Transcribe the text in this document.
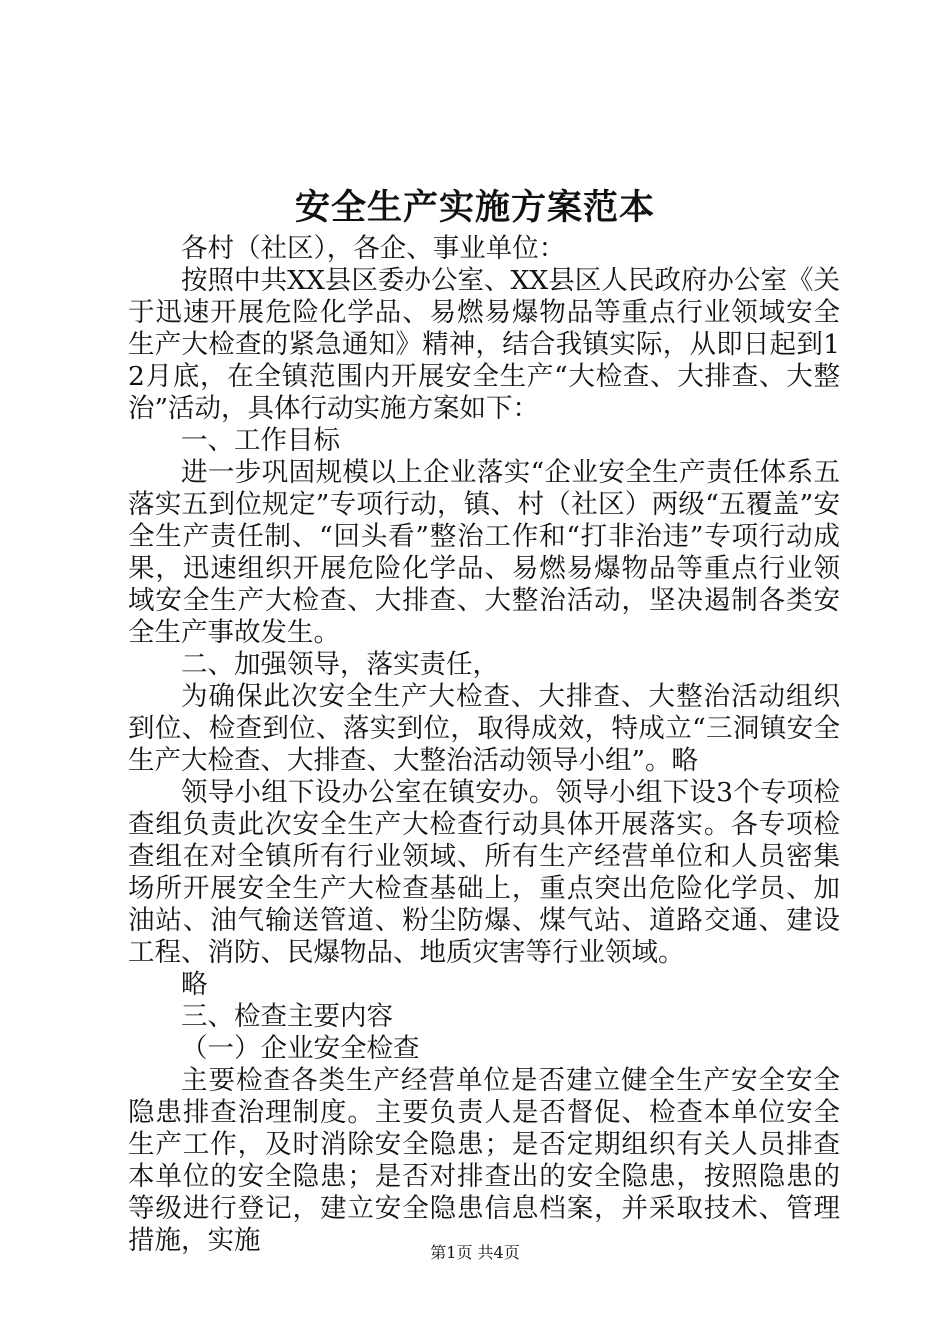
安全生产实施方案范本

各村（社区），各企、事业单位：

按照中共XX县区委办公室、XX县区人民政府办公室《关于迅速开展危险化学品、易燃易爆物品等重点行业领域安全生产大检查的紧急通知》精神，结合我镇实际，从即日起到12月底，在全镇范围内开展安全生产“大检查、大排查、大整治”活动，具体行动实施方案如下：

一、工作目标

进一步巩固规模以上企业落实“企业安全生产责任体系五落实五到位规定”专项行动，镇、村（社区）两级“五覆盖”安全生产责任制、“回头看”整治工作和“打非治违”专项行动成果，迅速组织开展危险化学品、易燃易爆物品等重点行业领域安全生产大检查、大排查、大整治活动，坚决遏制各类安全生产事故发生。

二、加强领导，落实责任，

为确保此次安全生产大检查、大排查、大整治活动组织到位、检查到位、落实到位，取得成效，特成立“三洞镇安全生产大检查、大排查、大整治活动领导小组”。略

领导小组下设办公室在镇安办。领导小组下设3个专项检查组负责此次安全生产大检查行动具体开展落实。各专项检查组在对全镇所有行业领域、所有生产经营单位和人员密集场所开展安全生产大检查基础上，重点突出危险化学员、加油站、油气输送管道、粉尘防爆、煤气站、道路交通、建设工程、消防、民爆物品、地质灾害等行业领域。

略

三、检查主要内容

（一）企业安全检查

主要检查各类生产经营单位是否建立健全生产安全安全隐患排查治理制度。主要负责人是否督促、检查本单位安全生产工作，及时消除安全隐患；是否定期组织有关人员排查本单位的安全隐患；是否对排查出的安全隐患，按照隐患的等级进行登记，建立安全隐患信息档案，并采取技术、管理措施，实施	第1页 共4页
